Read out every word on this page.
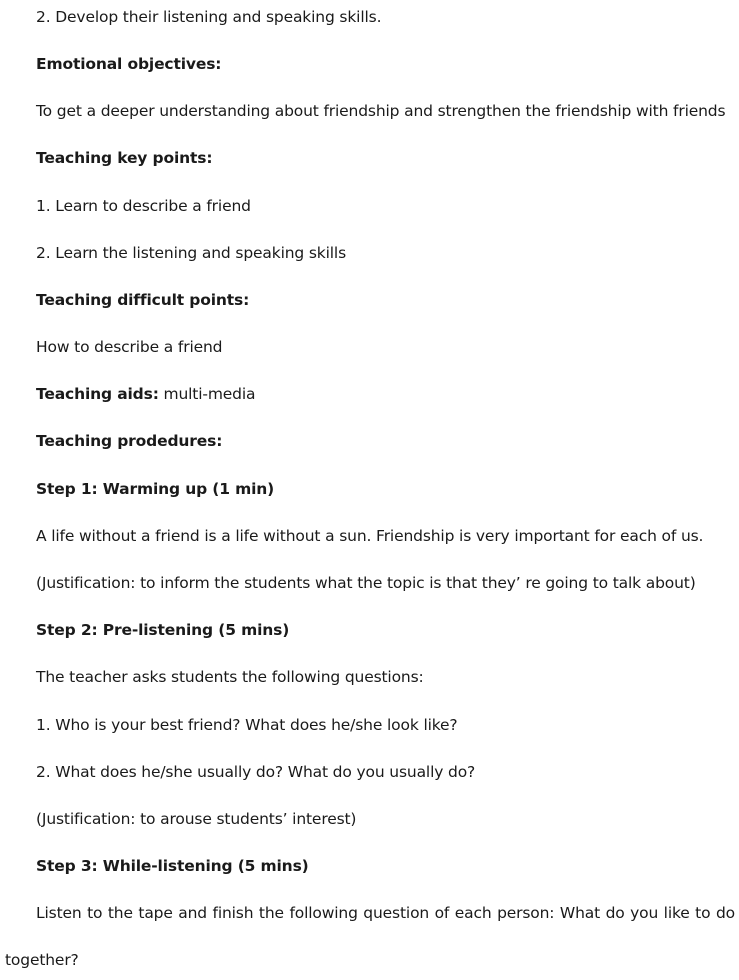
2. Develop their listening and speaking skills.
Emotional objectives:
To get a deeper understanding about friendship and strengthen the friendship with friends
Teaching key points:
1. Learn to describe a friend
2. Learn the listening and speaking skills
Teaching difficult points:
How to describe a friend
Teaching aids: multi-media
Teaching prodedures:
Step 1: Warming up (1 min)
A life without a friend is a life without a sun. Friendship is very important for each of us.
(Justification: to inform the students what the topic is that they’ re going to talk about)
Step 2: Pre-listening (5 mins)
The teacher asks students the following questions:
1. Who is your best friend? What does he/she look like?
2. What does he/she usually do? What do you usually do?
(Justification: to arouse students’ interest)
Step 3: While-listening (5 mins)
Listen to the tape and finish the following question of each person: What do you like to do
together?
